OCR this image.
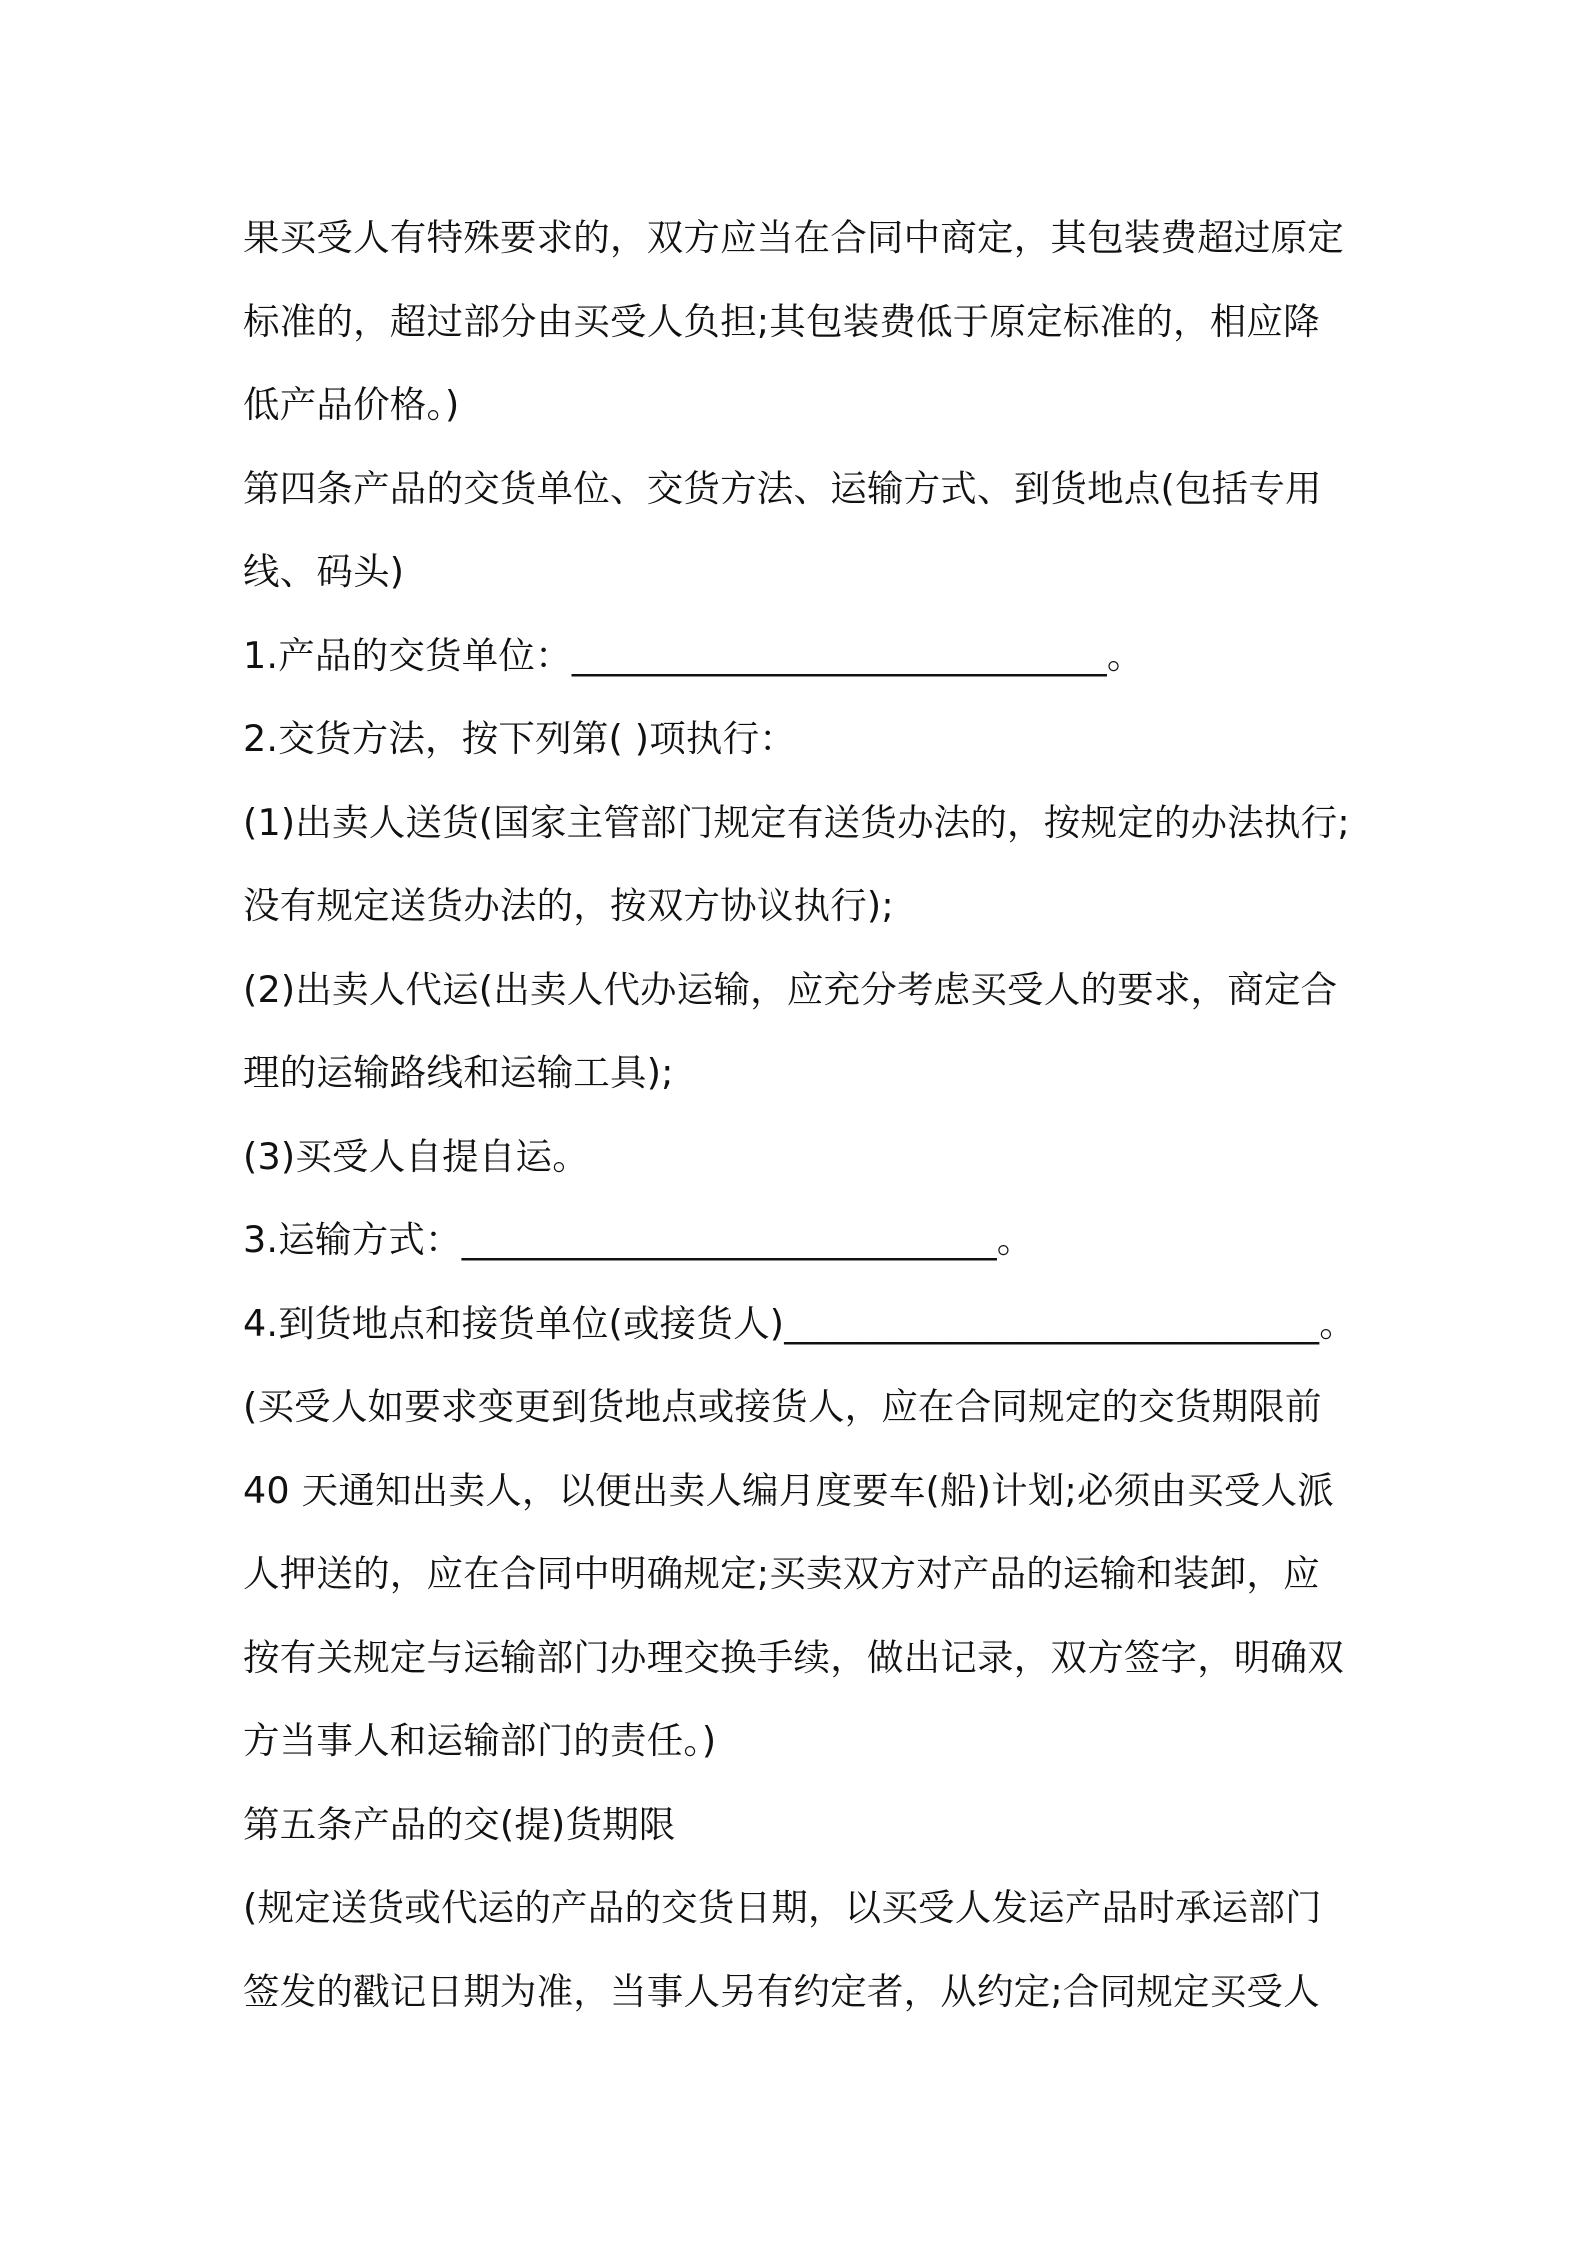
果买受人有特殊要求的，双方应当在合同中商定，其包装费超过原定
标准的，超过部分由买受人负担;其包装费低于原定标准的，相应降
低产品价格。)
第四条产品的交货单位、交货方法、运输方式、到货地点(包括专用
线、码头)
1.产品的交货单位：_____________________________。
2.交货方法，按下列第( )项执行：
(1)出卖人送货(国家主管部门规定有送货办法的，按规定的办法执行;
没有规定送货办法的，按双方协议执行);
(2)出卖人代运(出卖人代办运输，应充分考虑买受人的要求，商定合
理的运输路线和运输工具);
(3)买受人自提自运。
3.运输方式：_____________________________。
4.到货地点和接货单位(或接货人)_____________________________。
(买受人如要求变更到货地点或接货人，应在合同规定的交货期限前
40 天通知出卖人，以便出卖人编月度要车(船)计划;必须由买受人派
人押送的，应在合同中明确规定;买卖双方对产品的运输和装卸，应
按有关规定与运输部门办理交换手续，做出记录，双方签字，明确双
方当事人和运输部门的责任。)
第五条产品的交(提)货期限
(规定送货或代运的产品的交货日期，以买受人发运产品时承运部门
签发的戳记日期为准，当事人另有约定者，从约定;合同规定买受人
